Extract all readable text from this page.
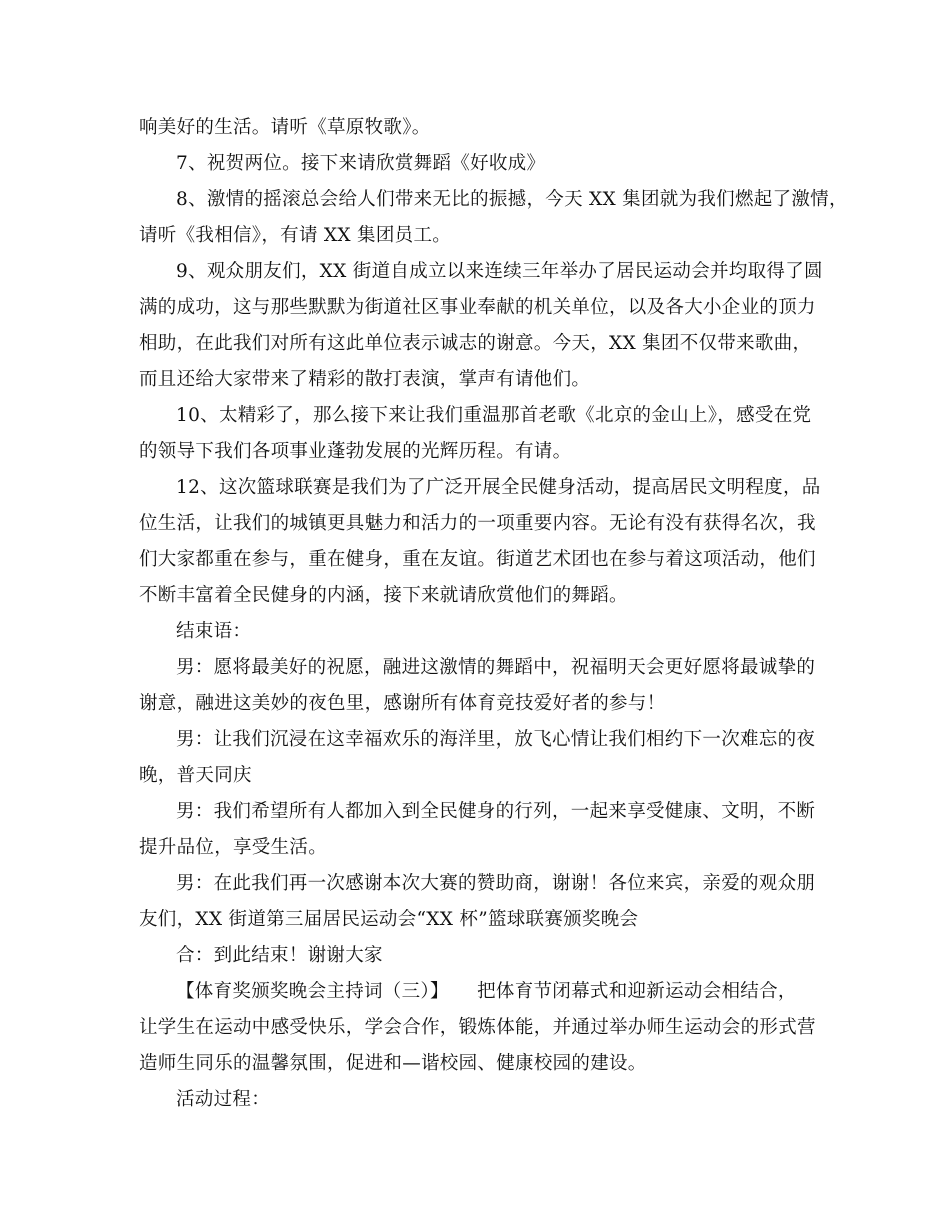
响美好的生活。请听《草原牧歌》。
7、祝贺两位。接下来请欣赏舞蹈《好收成》
8、激情的摇滚总会给人们带来无比的振撼，今天 XX 集团就为我们燃起了激情，
请听《我相信》，有请 XX 集团员工。
9、观众朋友们，XX 街道自成立以来连续三年举办了居民运动会并均取得了圆
满的成功，这与那些默默为街道社区事业奉献的机关单位，以及各大小企业的顶力
相助，在此我们对所有这此单位表示诚志的谢意。今天，XX 集团不仅带来歌曲，
而且还给大家带来了精彩的散打表演，掌声有请他们。
10、太精彩了，那么接下来让我们重温那首老歌《北京的金山上》，感受在党
的领导下我们各项事业蓬勃发展的光辉历程。有请。
12、这次篮球联赛是我们为了广泛开展全民健身活动，提高居民文明程度，品
位生活，让我们的城镇更具魅力和活力的一项重要内容。无论有没有获得名次，我
们大家都重在参与，重在健身，重在友谊。街道艺术团也在参与着这项活动，他们
不断丰富着全民健身的内涵，接下来就请欣赏他们的舞蹈。
结束语：
男：愿将最美好的祝愿，融进这激情的舞蹈中，祝福明天会更好愿将最诚挚的
谢意，融进这美妙的夜色里，感谢所有体育竞技爱好者的参与！
男：让我们沉浸在这幸福欢乐的海洋里，放飞心情让我们相约下一次难忘的夜
晚，普天同庆
男：我们希望所有人都加入到全民健身的行列，一起来享受健康、文明，不断
提升品位，享受生活。
男：在此我们再一次感谢本次大赛的赞助商，谢谢！各位来宾，亲爱的观众朋
友们，XX 街道第三届居民运动会“XX 杯”篮球联赛颁奖晚会
合：到此结束！谢谢大家
【体育奖颁奖晚会主持词（三）】　　把体育节闭幕式和迎新运动会相结合，
让学生在运动中感受快乐，学会合作，锻炼体能，并通过举办师生运动会的形式营
造师生同乐的温馨氛围，促进和—谐校园、健康校园的建设。
活动过程：
